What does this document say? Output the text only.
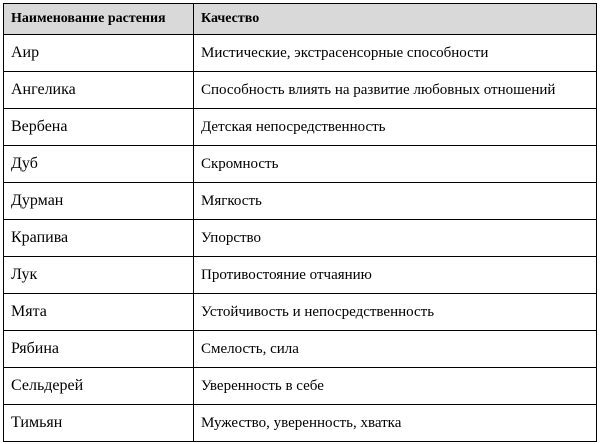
Наименование растения	Качество
Аир	Мистические, экстрасенсорные способности
Ангелика	Способность влиять на развитие любовных отношений
Вербена	Детская непосредственность
Дуб	Скромность
Дурман	Мягкость
Крапива	Упорство
Лук	Противостояние отчаянию
Мята	Устойчивость и непосредственность
Рябина	Смелость, сила
Сельдерей	Уверенность в себе
Тимьян	Мужество, уверенность, хватка
